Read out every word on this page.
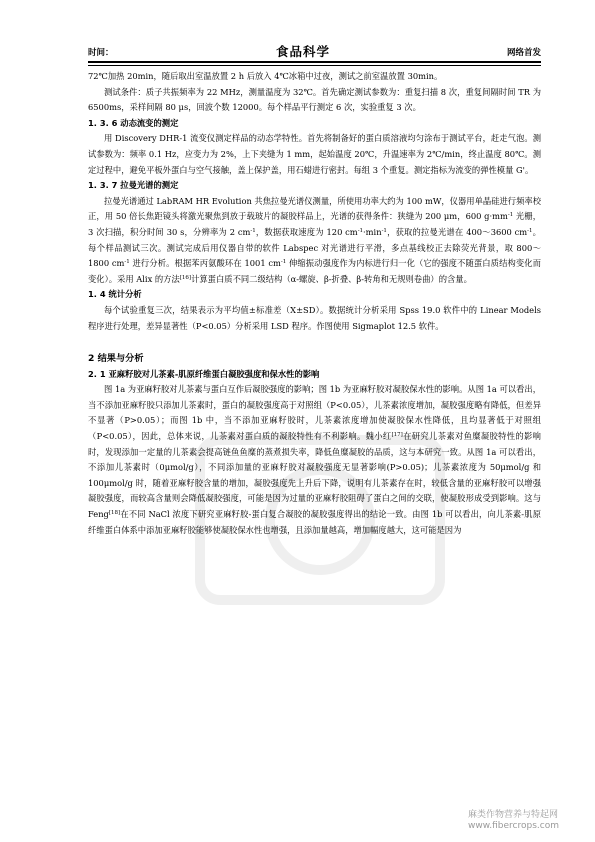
时间：	食品科学	网络首发

72℃加热 20min，随后取出室温放置 2 h 后放入 4℃冰箱中过夜，测试之前室温放置 30min。

测试条件：质子共振频率为 22 MHz，测量温度为 32℃。首先确定测试参数为：重复扫描 8 次，重复间隔时间 TR 为 6500ms，采样间隔 80 μs，回波个数 12000。每个样品平行测定 6 次，实验重复 3 次。

1. 3. 6 动态流变的测定

用 Discovery DHR-1 流变仪测定样品的动态学特性。首先将制备好的蛋白质溶液均匀涂布于测试平台，赶走气泡。测试参数为：频率 0.1 Hz，应变力为 2%，上下夹缝为 1 mm，起始温度 20℃，升温速率为 2℃/min，终止温度 80℃。测定过程中，避免平板外蛋白与空气接触，盖上保护盖，用石蜡进行密封。每组 3 个重复。测定指标为流变的弹性模量 G'。

1. 3. 7 拉曼光谱的测定

拉曼光谱通过 LabRAM HR Evolution 共焦拉曼光谱仪测量，所使用功率大约为 100 mW，仪器用单晶硅进行频率校正，用 50 倍长焦距镜头将激光聚焦到放于载玻片的凝胶样品上，光谱的获得条件：狭缝为 200 μm，600 $g\cdot mm^{-1}$ 光栅，3 次扫描，积分时间 30 s，分辨率为 2 $cm^{-1}$，数据获取速度为 120 $cm^{-1}\cdot\min^{-1}$，获取的拉曼光谱在 400～3600 $cm^{-1}$。每个样品测试三次。测试完成后用仪器自带的软件 Labspec 对光谱进行平滑，多点基线校正去除荧光背景，取 800～1800 $cm^{-1}$ 进行分析。根据苯丙氨酸环在 1001 $cm^{-1}$ 伸缩振动强度作为内标进行归一化（它的强度不随蛋白质结构变化而变化）。采用 Alix 的方法[16]计算蛋白质不同二级结构（α-螺旋、β-折叠、β-转角和无规则卷曲）的含量。

1. 4 统计分析

每个试验重复三次，结果表示为平均值±标准差（X±SD）。数据统计分析采用 Spss 19.0 软件中的 Linear Models 程序进行处理，差异显著性（P<0.05）分析采用 LSD 程序。作图使用 Sigmaplot 12.5 软件。

2 结果与分析
2. 1 亚麻籽胶对儿茶素-肌原纤维蛋白凝胶强度和保水性的影响

图 1a 为亚麻籽胶对儿茶素与蛋白互作后凝胶强度的影响；图 1b 为亚麻籽胶对凝胶保水性的影响。从图 1a 可以看出，当不添加亚麻籽胶只添加儿茶素时，蛋白的凝胶强度高于对照组（P<0.05），儿茶素浓度增加，凝胶强度略有降低，但差异不显著（P>0.05）；而图 1b 中，当不添加亚麻籽胶时，儿茶素浓度增加使凝胶保水性降低，且均显著低于对照组（P<0.05），因此，总体来说，儿茶素对蛋白质的凝胶特性有不利影响。魏小红[17]在研究儿茶素对鱼糜凝胶特性的影响时，发现添加一定量的儿茶素会提高链鱼鱼糜的蒸煮损失率，降低鱼糜凝胶的品质，这与本研究一致。从图 1a 可以看出，不添加儿茶素时（0μmol/g），不同添加量的亚麻籽胶对凝胶强度无显著影响(P>0.05)；儿茶素浓度为 50μmol/g 和 100μmol/g 时，随着亚麻籽胶含量的增加，凝胶强度先上升后下降，说明有儿茶素存在时，较低含量的亚麻籽胶可以增强凝胶强度，而较高含量则会降低凝胶强度，可能是因为过量的亚麻籽胶阻碍了蛋白之间的交联，使凝胶形成受到影响。这与 Feng[18]在不同 NaCl 浓度下研究亚麻籽胶-蛋白复合凝胶的凝胶强度得出的结论一致。由图 1b 可以看出，向儿茶素-肌原纤维蛋白体系中添加亚麻籽胶能够使凝胶保水性也增强，且添加量越高，增加幅度越大，这可能是因为

麻类作物营养与特起网
www.fibercrops.com
